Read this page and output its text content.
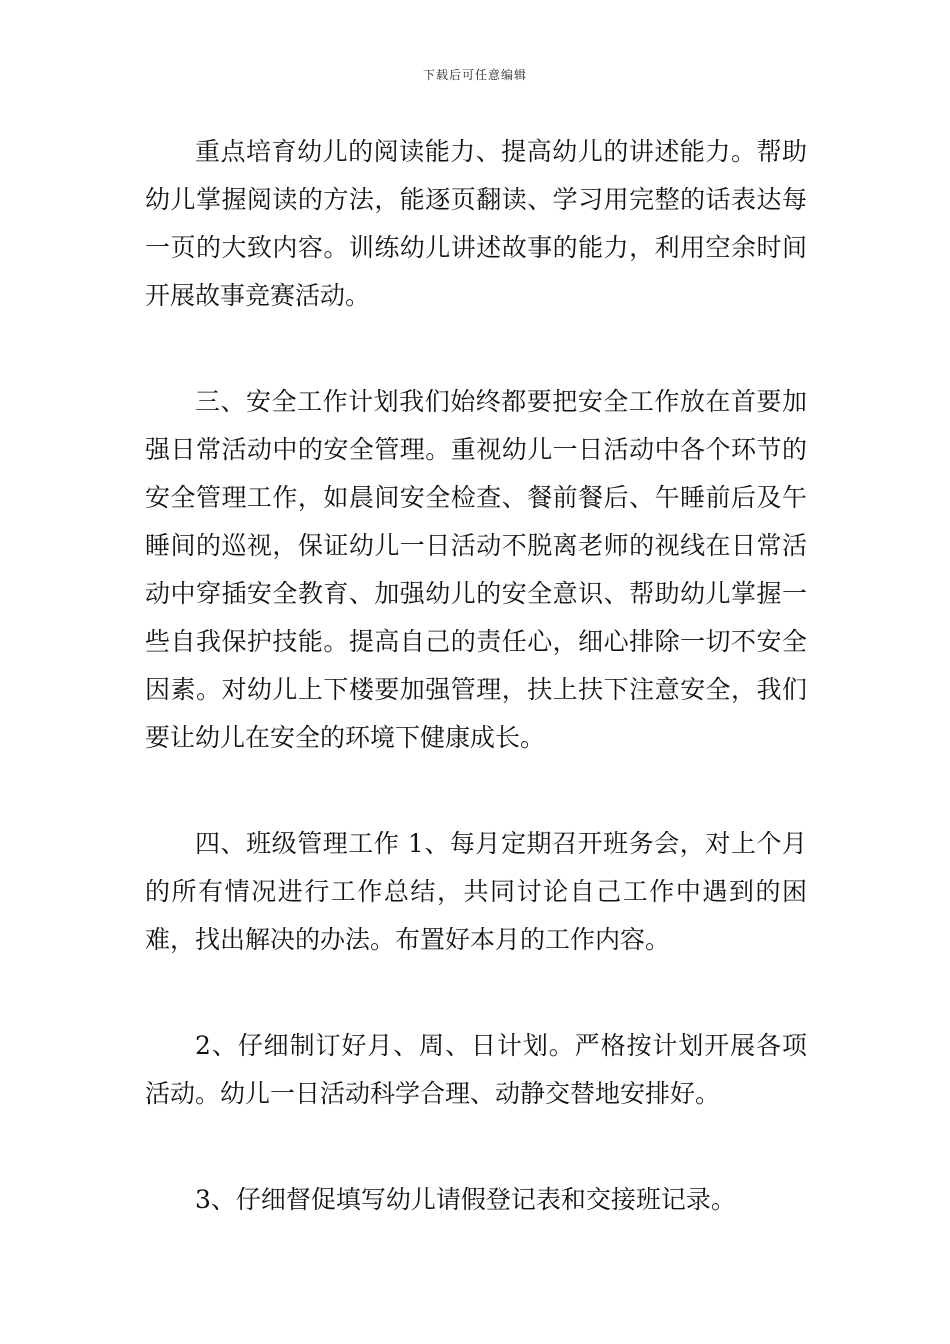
下载后可任意编辑

重点培育幼儿的阅读能力、提高幼儿的讲述能力。帮助幼儿掌握阅读的方法，能逐页翻读、学习用完整的话表达每一页的大致内容。训练幼儿讲述故事的能力，利用空余时间开展故事竞赛活动。

三、安全工作计划我们始终都要把安全工作放在首要加强日常活动中的安全管理。重视幼儿一日活动中各个环节的安全管理工作，如晨间安全检查、餐前餐后、午睡前后及午睡间的巡视，保证幼儿一日活动不脱离老师的视线在日常活动中穿插安全教育、加强幼儿的安全意识、帮助幼儿掌握一些自我保护技能。提高自己的责任心，细心排除一切不安全因素。对幼儿上下楼要加强管理，扶上扶下注意安全，我们要让幼儿在安全的环境下健康成长。

四、班级管理工作 1、每月定期召开班务会，对上个月的所有情况进行工作总结，共同讨论自己工作中遇到的困难，找出解决的办法。布置好本月的工作内容。

2、仔细制订好月、周、日计划。严格按计划开展各项活动。幼儿一日活动科学合理、动静交替地安排好。

3、仔细督促填写幼儿请假登记表和交接班记录。
